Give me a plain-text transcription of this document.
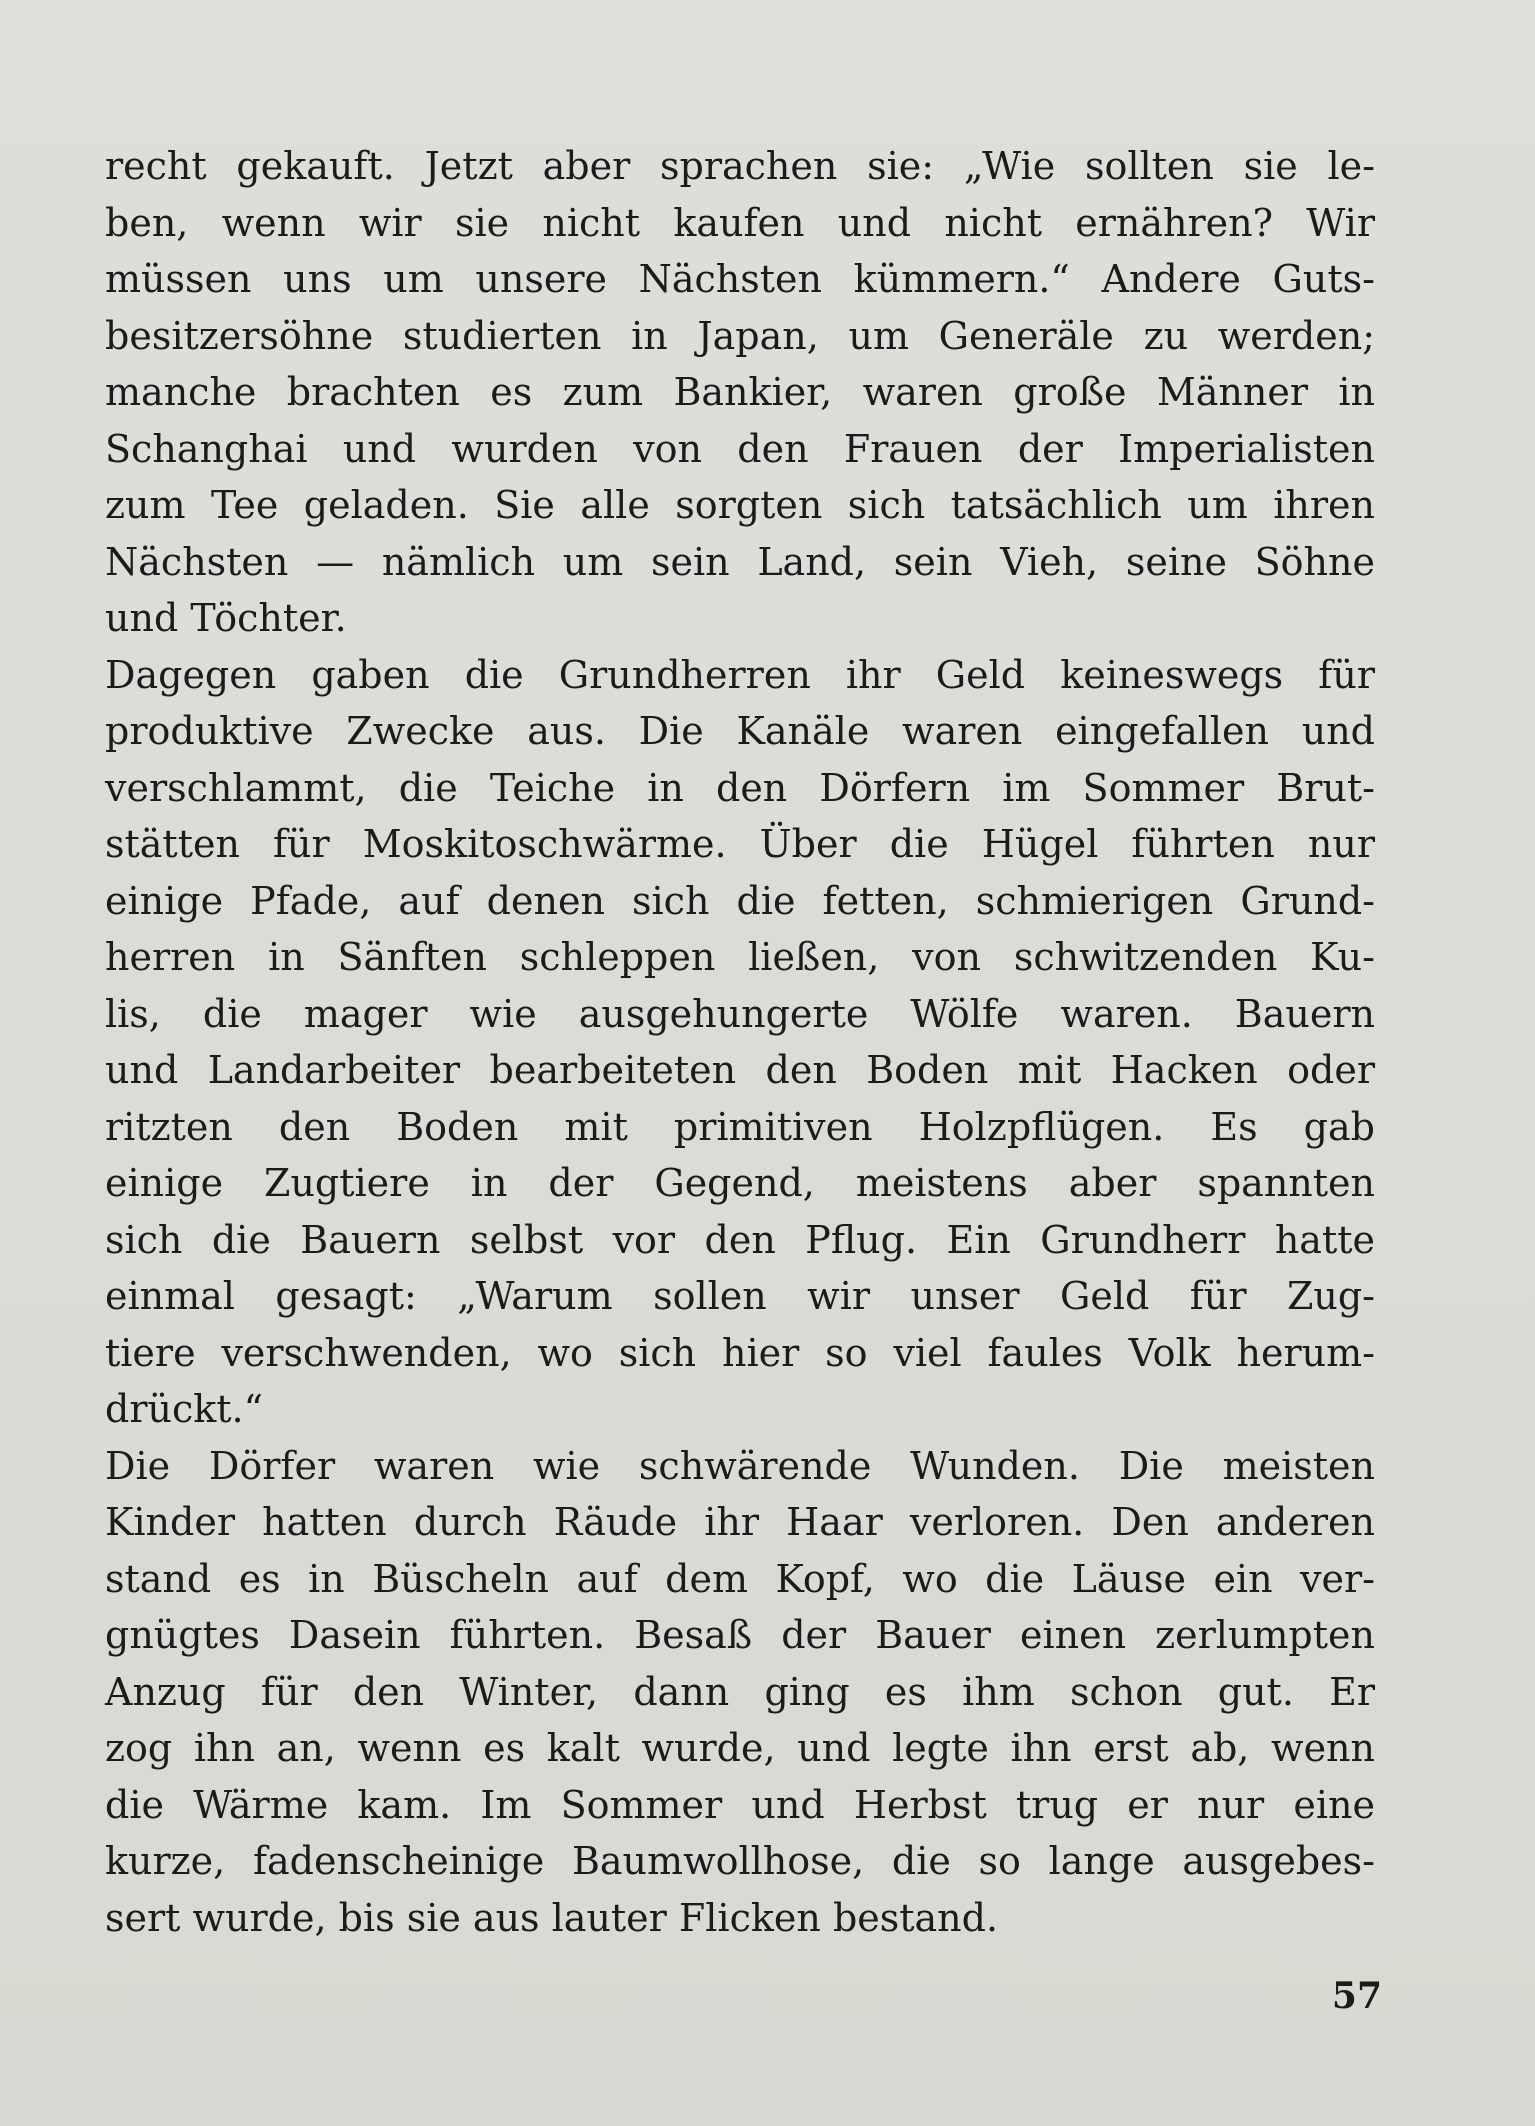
recht gekauft. Jetzt aber sprachen sie: „Wie sollten sie le-
ben, wenn wir sie nicht kaufen und nicht ernähren? Wir
müssen uns um unsere Nächsten kümmern.“ Andere Guts-
besitzersöhne studierten in Japan, um Generäle zu werden;
manche brachten es zum Bankier, waren große Männer in
Schanghai und wurden von den Frauen der Imperialisten
zum Tee geladen. Sie alle sorgten sich tatsächlich um ihren
Nächsten — nämlich um sein Land, sein Vieh, seine Söhne
und Töchter.
Dagegen gaben die Grundherren ihr Geld keineswegs für
produktive Zwecke aus. Die Kanäle waren eingefallen und
verschlammt, die Teiche in den Dörfern im Sommer Brut-
stätten für Moskitoschwärme. Über die Hügel führten nur
einige Pfade, auf denen sich die fetten, schmierigen Grund-
herren in Sänften schleppen ließen, von schwitzenden Ku-
lis, die mager wie ausgehungerte Wölfe waren. Bauern
und Landarbeiter bearbeiteten den Boden mit Hacken oder
ritzten den Boden mit primitiven Holzpflügen. Es gab
einige Zugtiere in der Gegend, meistens aber spannten
sich die Bauern selbst vor den Pflug. Ein Grundherr hatte
einmal gesagt: „Warum sollen wir unser Geld für Zug-
tiere verschwenden, wo sich hier so viel faules Volk herum-
drückt.“
Die Dörfer waren wie schwärende Wunden. Die meisten
Kinder hatten durch Räude ihr Haar verloren. Den anderen
stand es in Büscheln auf dem Kopf, wo die Läuse ein ver-
gnügtes Dasein führten. Besaß der Bauer einen zerlumpten
Anzug für den Winter, dann ging es ihm schon gut. Er
zog ihn an, wenn es kalt wurde, und legte ihn erst ab, wenn
die Wärme kam. Im Sommer und Herbst trug er nur eine
kurze, fadenscheinige Baumwollhose, die so lange ausgebes-
sert wurde, bis sie aus lauter Flicken bestand.
57
